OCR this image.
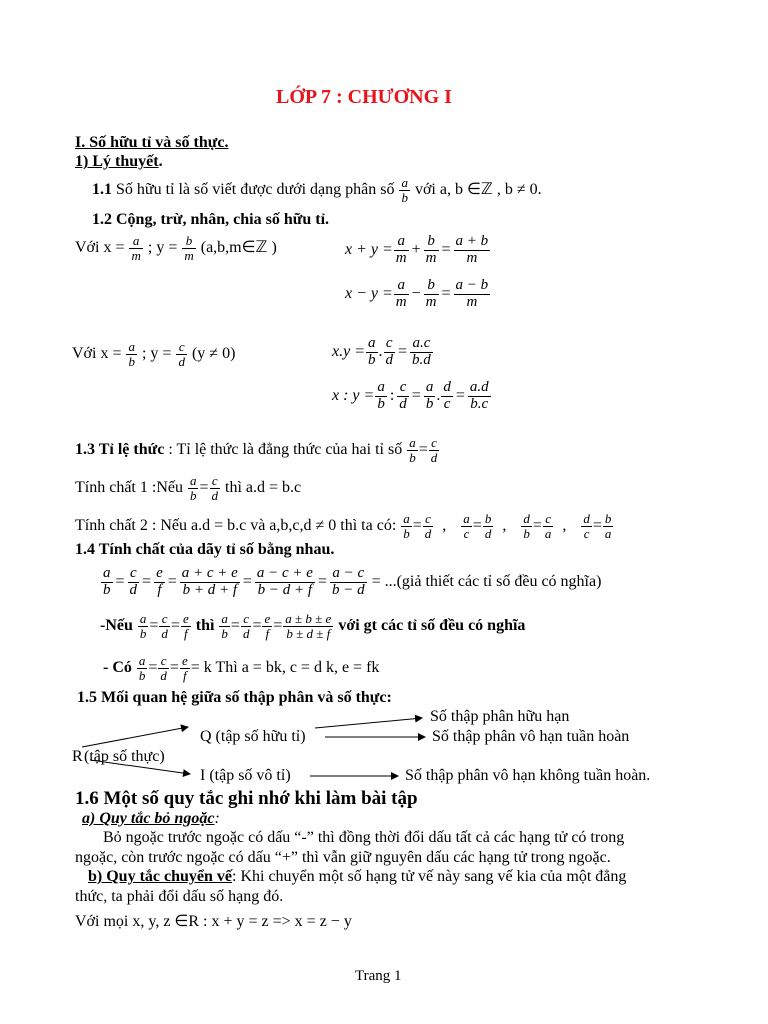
LỚP 7 : CHƯƠNG I
I. Số hữu tỉ và số thực.
1) Lý thuyết.
1.1 Số hữu tỉ là số viết được dưới dạng phân số $\frac{a}{b}$ với a, b ∈ℤ , b ≠ 0.
1.2 Cộng, trừ, nhân, chia số hữu tỉ.
Với $x = \frac{a}{m}$ ; $y = \frac{b}{m}$ (a,b,m∈ℤ )	$x + y = \frac{a}{m} + \frac{b}{m} = \frac{a + b}{m}$
$x - y = \frac{a}{m} - \frac{b}{m} = \frac{a - b}{m}$
Với $x = \frac{a}{b}$ ; $y = \frac{c}{d} (y \ne 0)$	$x.y = \frac{a}{b}$ . $\frac{c}{d} = \frac{a.c}{b.d}$
x : $y = \frac{a}{b}$ : $\frac{c}{d} = \frac{a}{b}$ . $\frac{d}{c} = \frac{a.d}{b.c}$
1.3 Tỉ lệ thức : Tỉ lệ thức là đẳng thức của hai tỉ số $\frac{a}{b} = \frac{c}{d}$
Tính chất 1 :Nếu $\frac{a}{b} = \frac{c}{d}$ thì a.d = b.c
Tính chất 2 : Nếu a.d = b.c và a,b,c,d ≠ 0 thì ta có: $\frac{a}{b} = \frac{c}{d}$ , $\frac{a}{c} = \frac{b}{d}$ , $\frac{d}{b} = \frac{c}{a}$ , $\frac{d}{c} = \frac{b}{a}$
1.4 Tính chất của dãy tỉ số bằng nhau.
$\frac{a}{b} = \frac{c}{d} = \frac{e}{f} = \frac{a + c + e}{b + d + f} = \frac{a - c + e}{b - d + f} = \frac{a - c}{b - d}$ = ...(giả thiết các tỉ số đều có nghĩa)
-Nếu $\frac{a}{b} = \frac{c}{d} = \frac{e}{f}$ thì $\frac{a}{b} = \frac{c}{d} = \frac{e}{f} = \frac{a \pm b \pm e}{b \pm d \pm f}$ với gt các tỉ số đều có nghĩa
- Có $\frac{a}{b} = \frac{c}{d} = \frac{e}{f} = k$ Thì a = bk, c = d k, e = fk
1.5 Mối quan hệ giữa số thập phân và số thực:
Số thập phân hữu hạn
Q (tập số hữu tỉ)	Số thập phân vô hạn tuần hoàn
R (tập số thực)
I (tập số vô tỉ)	Số thập phân vô hạn không tuần hoàn.
1.6 Một số quy tắc ghi nhớ khi làm bài tập
a) Quy tắc bỏ ngoặc:
Bỏ ngoặc trước ngoặc có dấu “-” thì đồng thời đổi dấu tất cả các hạng tử có trong
ngoặc, còn trước ngoặc có dấu “+” thì vẫn giữ nguyên dấu các hạng tử trong ngoặc.
b) Quy tắc chuyển vế: Khi chuyển một số hạng tử vế này sang vế kia của một đẳng
thức, ta phải đổi dấu số hạng đó.
Với mọi x, y, z ∈R : x + y = z => x = z − y
Trang 1
